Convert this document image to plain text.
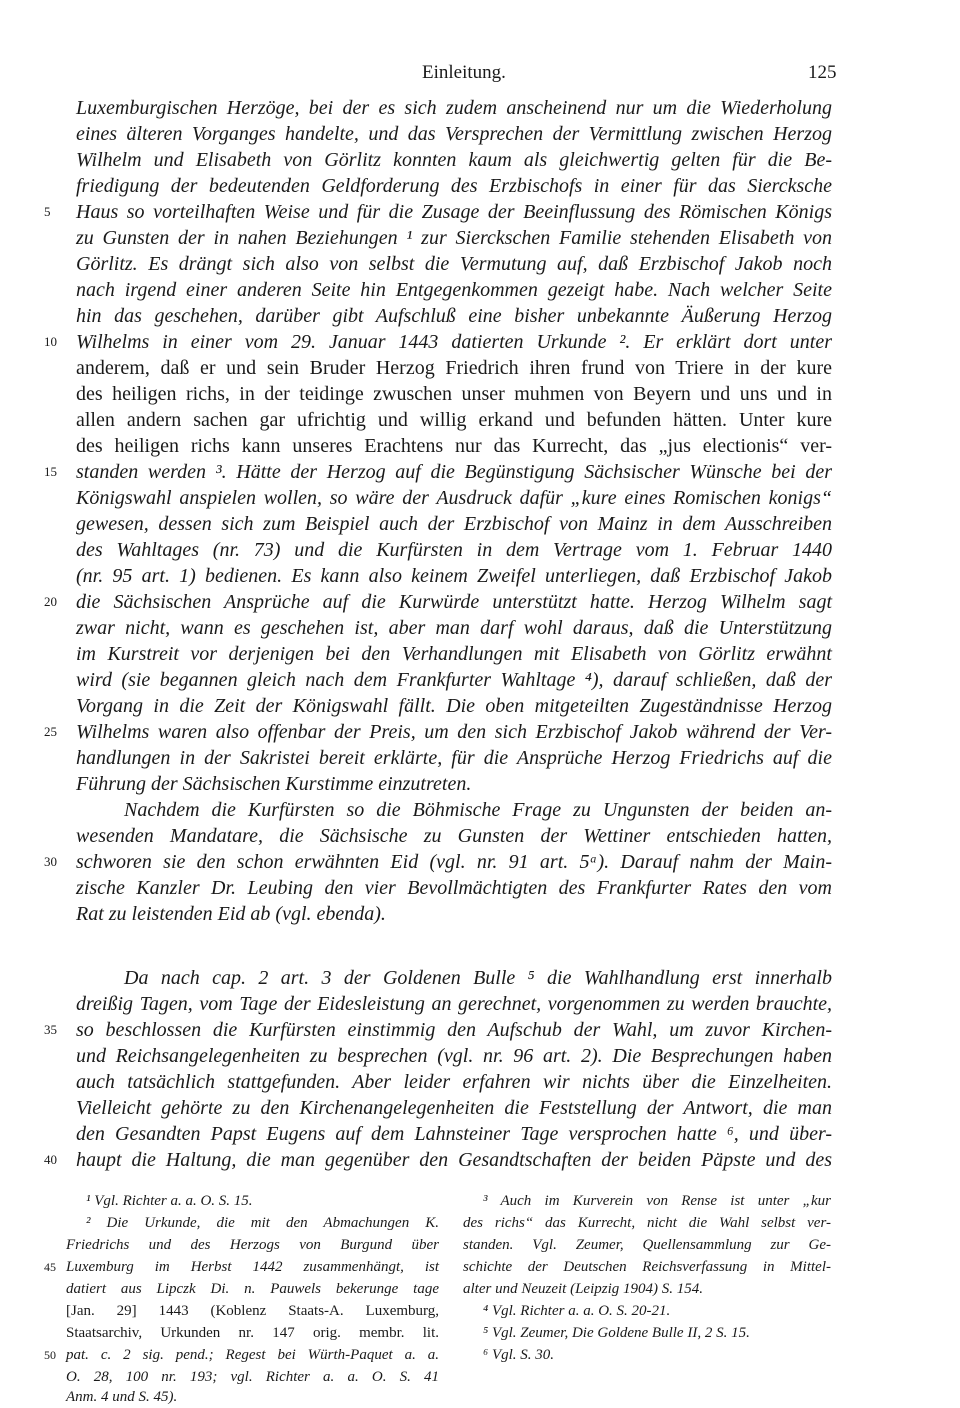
Einleitung.	125
Luxemburgischen Herzöge, bei der es sich zudem anscheinend nur um die Wiederholung
eines älteren Vorganges handelte, und das Versprechen der Vermittlung zwischen Herzog
Wilhelm und Elisabeth von Görlitz konnten kaum als gleichwertig gelten für die Be-
friedigung der bedeutenden Geldforderung des Erzbischofs in einer für das Siercksche
Haus so vorteilhaften Weise und für die Zusage der Beeinflussung des Römischen Königs
zu Gunsten der in nahen Beziehungen ¹ zur Sierckschen Familie stehenden Elisabeth von
Görlitz. Es drängt sich also von selbst die Vermutung auf, daß Erzbischof Jakob noch
nach irgend einer anderen Seite hin Entgegenkommen gezeigt habe. Nach welcher Seite
hin das geschehen, darüber gibt Aufschluß eine bisher unbekannte Äußerung Herzog
Wilhelms in einer vom 29. Januar 1443 datierten Urkunde ². Er erklärt dort unter
anderem, daß er und sein Bruder Herzog Friedrich ihren frund von Triere in der kure
des heiligen richs, in der teidinge zwuschen unser muhmen von Beyern und uns und in
allen andern sachen gar ufrichtig und willig erkand und befunden hätten. Unter kure
des heiligen richs kann unseres Erachtens nur das Kurrecht, das „jus electionis“ ver-
standen werden ³. Hätte der Herzog auf die Begünstigung Sächsischer Wünsche bei der
Königswahl anspielen wollen, so wäre der Ausdruck dafür „kure eines Romischen konigs“
gewesen, dessen sich zum Beispiel auch der Erzbischof von Mainz in dem Ausschreiben
des Wahltages (nr. 73) und die Kurfürsten in dem Vertrage vom 1. Februar 1440
(nr. 95 art. 1) bedienen. Es kann also keinem Zweifel unterliegen, daß Erzbischof Jakob
die Sächsischen Ansprüche auf die Kurwürde unterstützt hatte. Herzog Wilhelm sagt
zwar nicht, wann es geschehen ist, aber man darf wohl daraus, daß die Unterstützung
im Kurstreit vor derjenigen bei den Verhandlungen mit Elisabeth von Görlitz erwähnt
wird (sie begannen gleich nach dem Frankfurter Wahltage ⁴), darauf schließen, daß der
Vorgang in die Zeit der Königswahl fällt. Die oben mitgeteilten Zugeständnisse Herzog
Wilhelms waren also offenbar der Preis, um den sich Erzbischof Jakob während der Ver-
handlungen in der Sakristei bereit erklärte, für die Ansprüche Herzog Friedrichs auf die
Führung der Sächsischen Kurstimme einzutreten.
Nachdem die Kurfürsten so die Böhmische Frage zu Ungunsten der beiden an-
wesenden Mandatare, die Sächsische zu Gunsten der Wettiner entschieden hatten,
schworen sie den schon erwähnten Eid (vgl. nr. 91 art. 5ᵃ). Darauf nahm der Main-
zische Kanzler Dr. Leubing den vier Bevollmächtigten des Frankfurter Rates den vom
Rat zu leistenden Eid ab (vgl. ebenda).
Da nach cap. 2 art. 3 der Goldenen Bulle ⁵ die Wahlhandlung erst innerhalb
dreißig Tagen, vom Tage der Eidesleistung an gerechnet, vorgenommen zu werden brauchte,
so beschlossen die Kurfürsten einstimmig den Aufschub der Wahl, um zuvor Kirchen-
und Reichsangelegenheiten zu besprechen (vgl. nr. 96 art. 2). Die Besprechungen haben
auch tatsächlich stattgefunden. Aber leider erfahren wir nichts über die Einzelheiten.
Vielleicht gehörte zu den Kirchenangelegenheiten die Feststellung der Antwort, die man
den Gesandten Papst Eugens auf dem Lahnsteiner Tage versprochen hatte ⁶, und über-
haupt die Haltung, die man gegenüber den Gesandtschaften der beiden Päpste und des
5
10
15
20
25
30
35
40
45
50
¹ Vgl. Richter a. a. O. S. 15.
² Die Urkunde, die mit den Abmachungen K.
Friedrichs und des Herzogs von Burgund über
Luxemburg im Herbst 1442 zusammenhängt, ist
datiert aus Lipczk Di. n. Pauwels bekerunge tage
[Jan. 29] 1443 (Koblenz Staats-A. Luxemburg,
Staatsarchiv, Urkunden nr. 147 orig. membr. lit.
pat. c. 2 sig. pend.; Regest bei Würth-Paquet a. a.
O. 28, 100 nr. 193; vgl. Richter a. a. O. S. 41
Anm. 4 und S. 45).
³ Auch im Kurverein von Rense ist unter „kur
des richs“ das Kurrecht, nicht die Wahl selbst ver-
standen. Vgl. Zeumer, Quellensammlung zur Ge-
schichte der Deutschen Reichsverfassung in Mittel-
alter und Neuzeit (Leipzig 1904) S. 154.
⁴ Vgl. Richter a. a. O. S. 20-21.
⁵ Vgl. Zeumer, Die Goldene Bulle II, 2 S. 15.
⁶ Vgl. S. 30.
